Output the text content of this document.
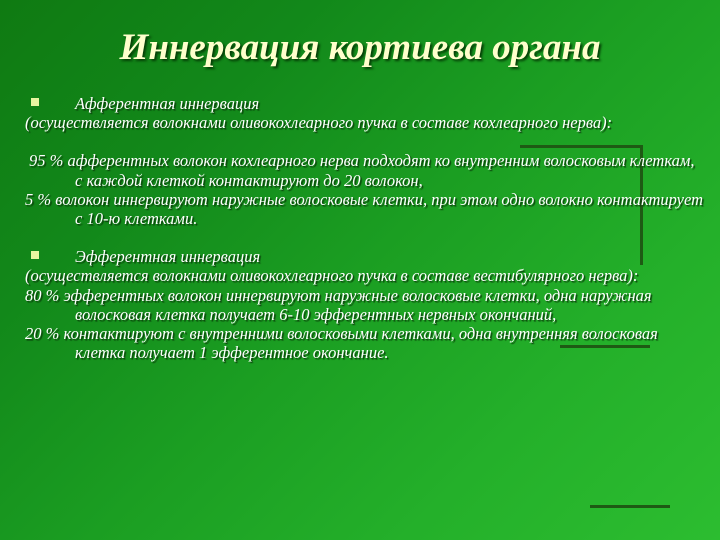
Иннервация кортиева органа
Афферентная иннервация

(осуществляется волокнами оливокохлеарного пучка в составе кохлеарного нерва):

95 % афферентных волокон кохлеарного нерва подходят ко внутренним волосковым клеткам, с каждой клеткой контактируют до 20 волокон,

5 % волокон иннервируют наружные волосковые клетки, при этом одно волокно контактирует с 10-ю клетками.

Эфферентная иннервация

(осуществляется волокнами оливокохлеарного пучка в составе вестибулярного нерва):

80 % эфферентных волокон иннервируют наружные волосковые клетки, одна наружная волосковая клетка получает 6-10 эфферентных нервных окончаний,

20 % контактируют с внутренними волосковыми клетками, одна внутренняя волосковая клетка получает 1 эфферентное окончание.
